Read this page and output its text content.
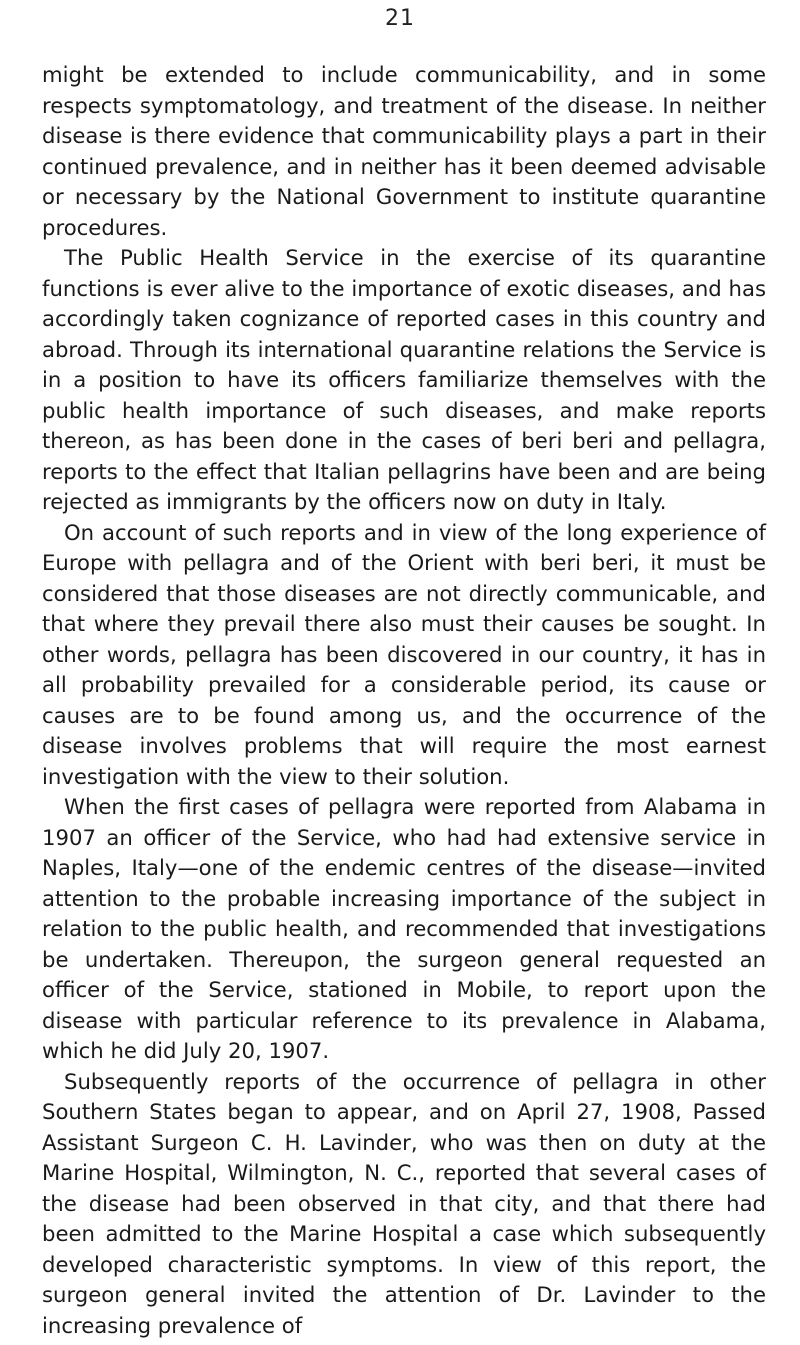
21

might be extended to include communicability, and in some respects symptomatology, and treatment of the disease. In neither disease is there evidence that communicability plays a part in their continued prevalence, and in neither has it been deemed advisable or necessary by the National Government to institute quarantine procedures.

The Public Health Service in the exercise of its quarantine functions is ever alive to the importance of exotic diseases, and has accordingly taken cognizance of reported cases in this country and abroad. Through its international quarantine relations the Service is in a position to have its officers familiarize themselves with the public health importance of such diseases, and make reports thereon, as has been done in the cases of beri beri and pellagra, reports to the effect that Italian pellagrins have been and are being rejected as immigrants by the officers now on duty in Italy.

On account of such reports and in view of the long experience of Europe with pellagra and of the Orient with beri beri, it must be considered that those diseases are not directly communicable, and that where they prevail there also must their causes be sought. In other words, pellagra has been discovered in our country, it has in all probability prevailed for a considerable period, its cause or causes are to be found among us, and the occurrence of the disease involves problems that will require the most earnest investigation with the view to their solution.

When the first cases of pellagra were reported from Alabama in 1907 an officer of the Service, who had had extensive service in Naples, Italy—one of the endemic centres of the disease—invited attention to the probable increasing importance of the subject in relation to the public health, and recommended that investigations be undertaken. Thereupon, the surgeon general requested an officer of the Service, stationed in Mobile, to report upon the disease with particular reference to its prevalence in Alabama, which he did July 20, 1907.

Subsequently reports of the occurrence of pellagra in other Southern States began to appear, and on April 27, 1908, Passed Assistant Surgeon C. H. Lavinder, who was then on duty at the Marine Hospital, Wilmington, N. C., reported that several cases of the disease had been observed in that city, and that there had been admitted to the Marine Hospital a case which subsequently developed characteristic symptoms. In view of this report, the surgeon general invited the attention of Dr. Lavinder to the increasing prevalence of
